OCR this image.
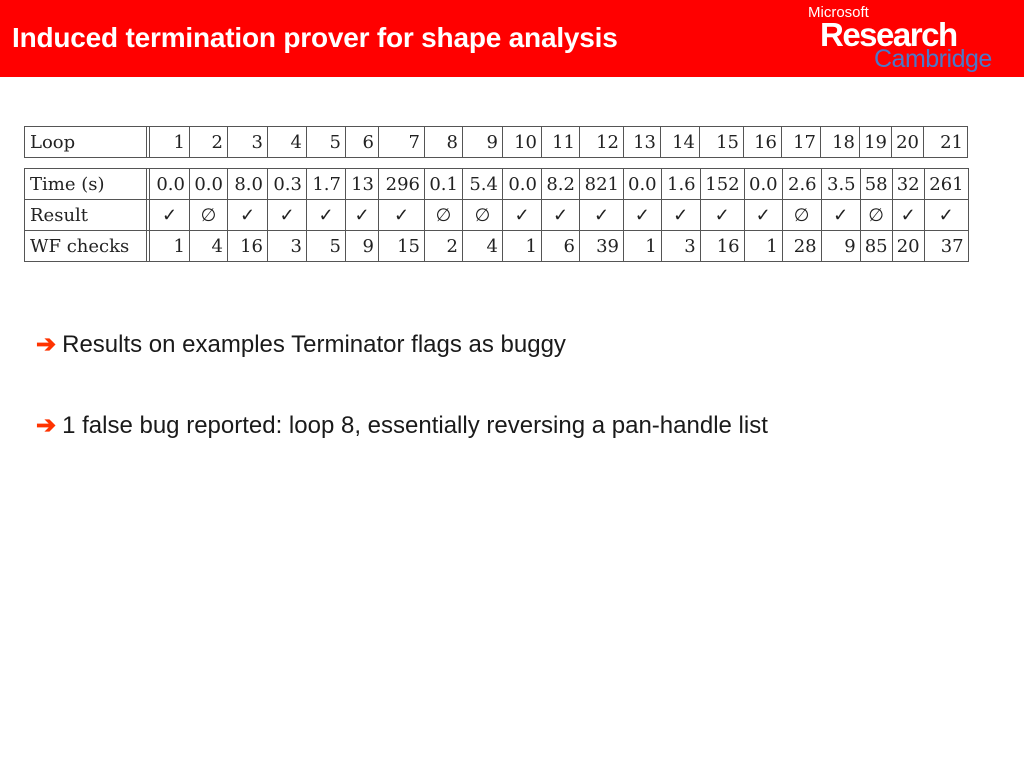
Induced termination prover for shape analysis
Microsoft
Research
Cambridge
Loop		1	2	3	4	5	6	7	8	9	10	11	12	13	14	15	16	17	18	19	20	21
Time (s)		0.0	0.0	8.0	0.3	1.7	13	296	0.1	5.4	0.0	8.2	821	0.0	1.6	152	0.0	2.6	3.5	58	32	261
Result		✓	∅	✓	✓	✓	✓	✓	∅	∅	✓	✓	✓	✓	✓	✓	✓	∅	✓	∅	✓	✓
WF checks		1	4	16	3	5	9	15	2	4	1	6	39	1	3	16	1	28	9	85	20	37
➔ Results on examples Terminator flags as buggy
➔ 1 false bug reported: loop 8, essentially reversing a pan-handle list
